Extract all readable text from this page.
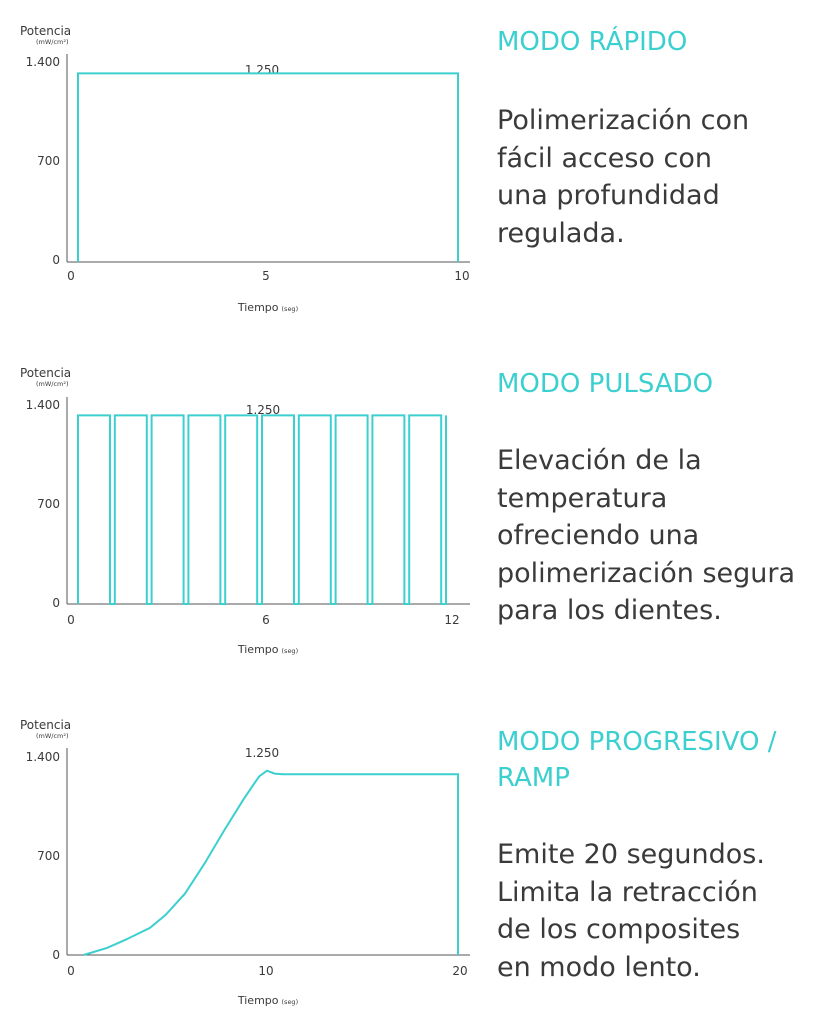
Potencia
(mW/cm²)
1.400
700
0
0	5	10
Tiempo (seg)
1.250
MODO RÁPIDO

Polimerización con

fácil acceso con

una profundidad

regulada.

Potencia
(mW/cm²)
1.400
700
0
0	6	12
Tiempo (seg)
1.250
MODO PULSADO

Elevación de la

temperatura

ofreciendo una

polimerización segura

para los dientes.

Potencia
(mW/cm²)
1.400
700
0
0	10	20
Tiempo (seg)
1.250	MODO PROGRESIVO /
RAMP

Emite 20 segundos.

Limita la retracción

de los composites

en modo lento.
